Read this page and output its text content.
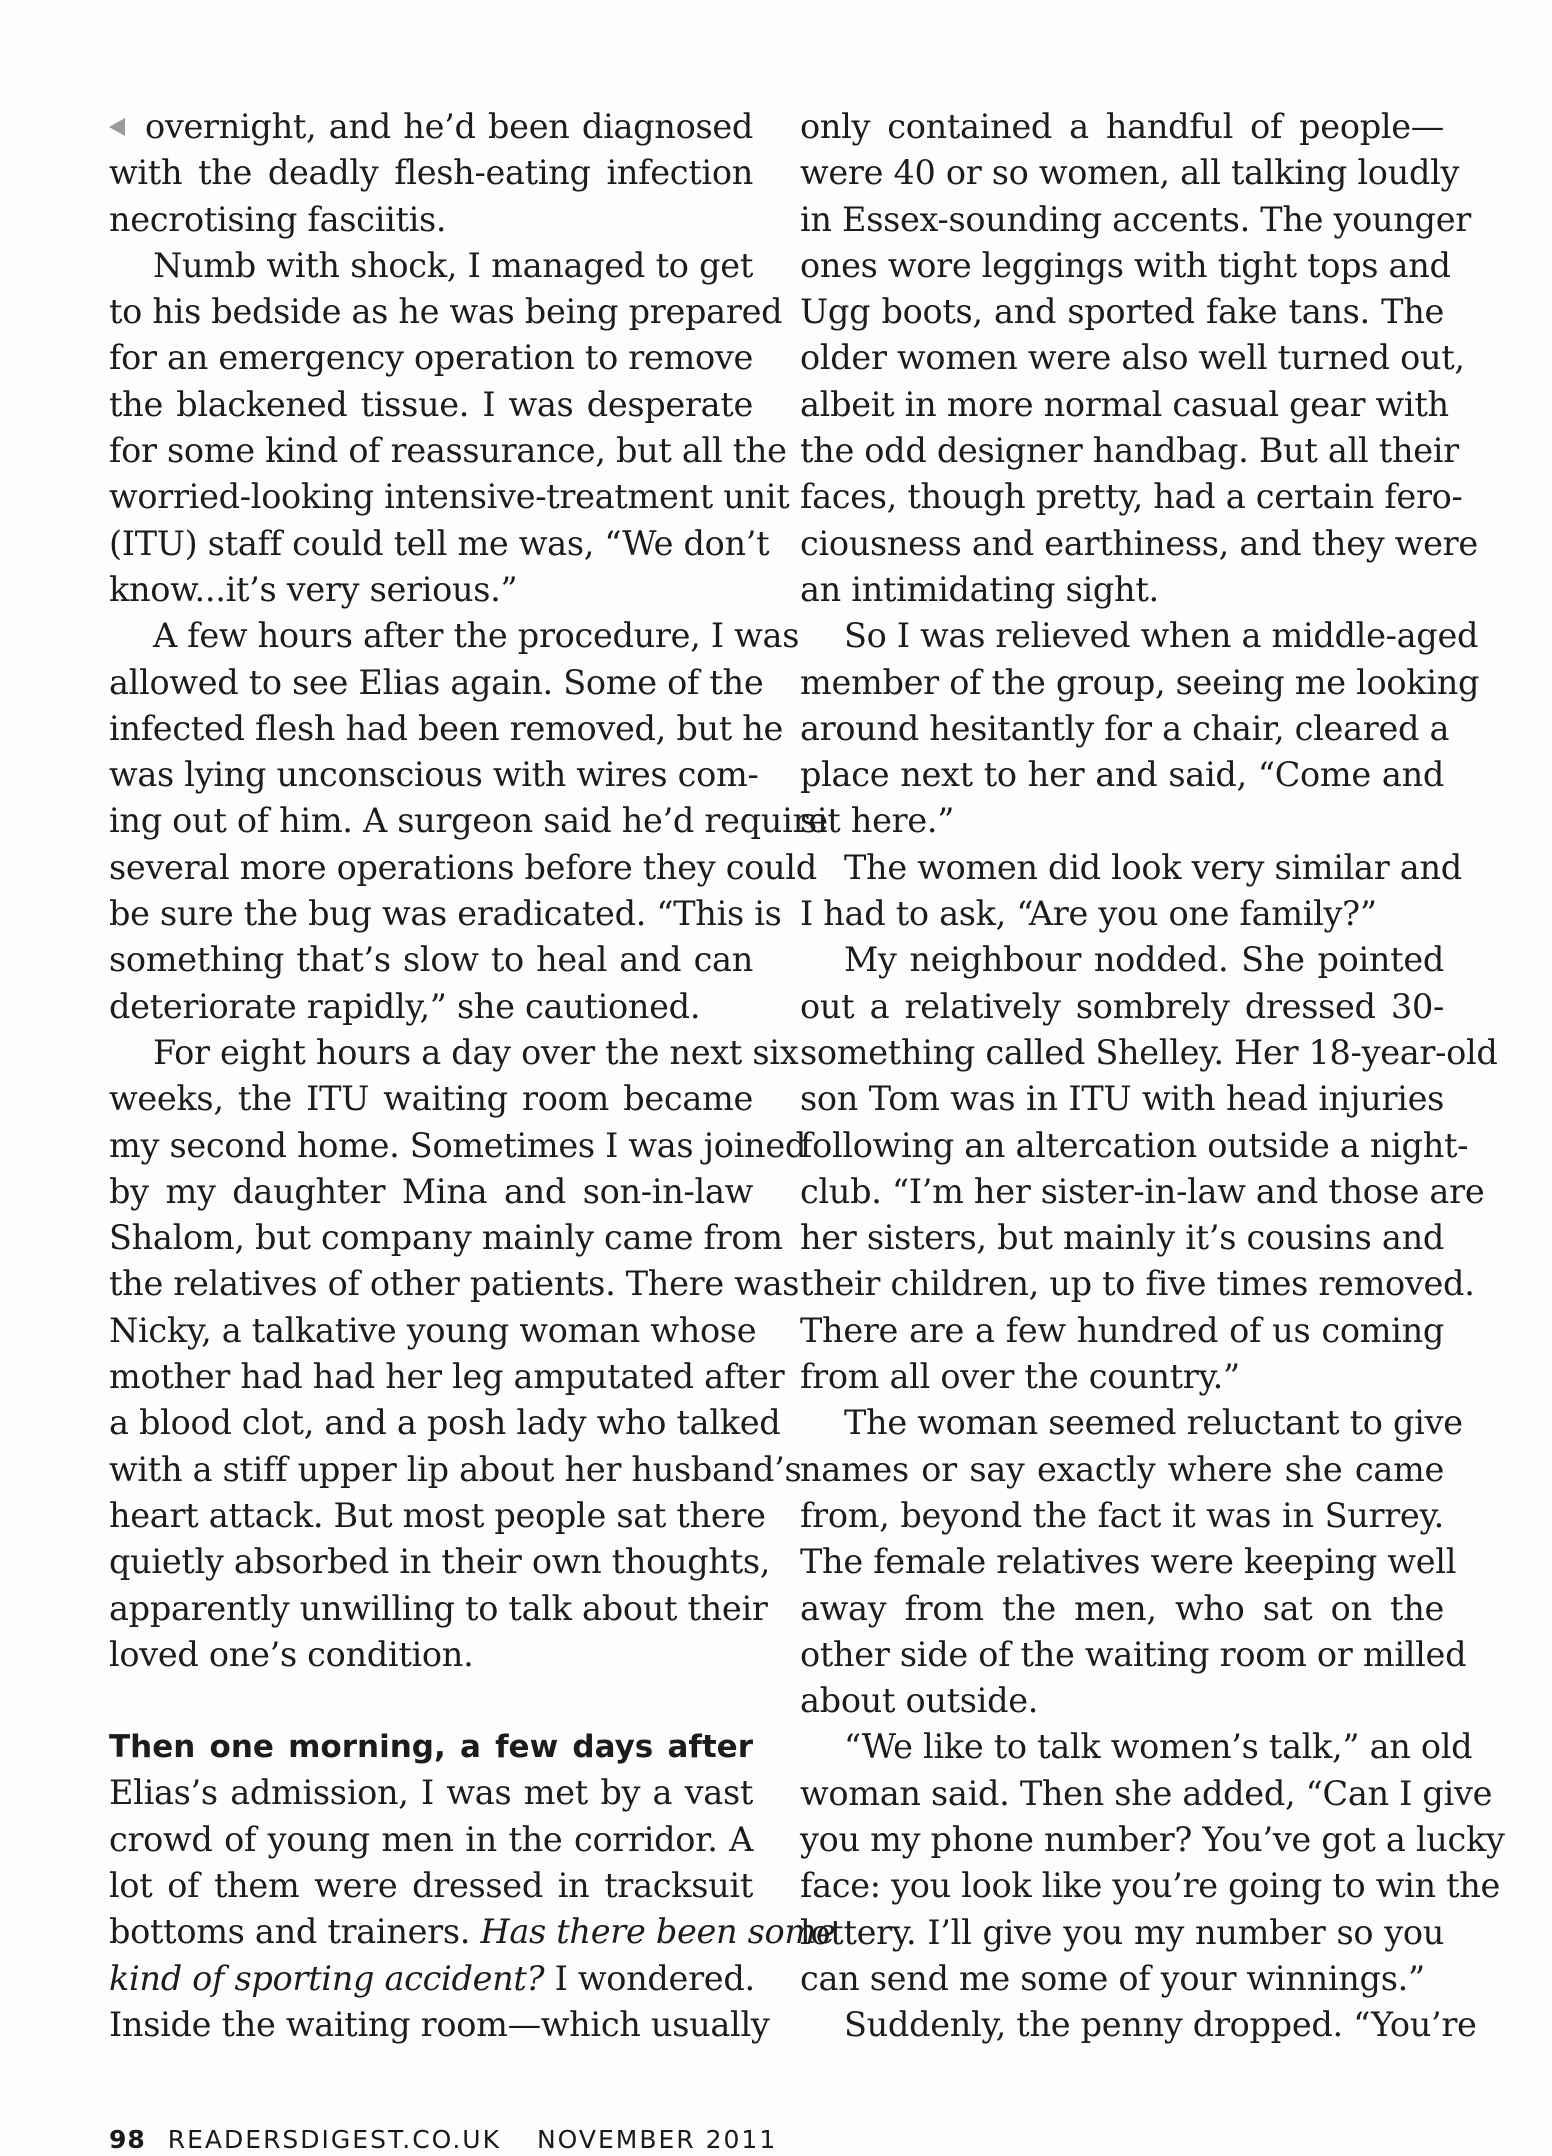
overnight, and he’d been diagnosed
with the deadly flesh-eating infection
necrotising fasciitis.
Numb with shock, I managed to get
to his bedside as he was being prepared
for an emergency operation to remove
the blackened tissue. I was desperate
for some kind of reassurance, but all the
worried-looking intensive-treatment unit
(ITU) staff could tell me was, “We don’t
know...it’s very serious.”
A few hours after the procedure, I was
allowed to see Elias again. Some of the
infected flesh had been removed, but he
was lying unconscious with wires com-
ing out of him. A surgeon said he’d require
several more operations before they could
be sure the bug was eradicated. “This is
something that’s slow to heal and can
deteriorate rapidly,” she cautioned.
For eight hours a day over the next six
weeks, the ITU waiting room became
my second home. Sometimes I was joined
by my daughter Mina and son-in-law
Shalom, but company mainly came from
the relatives of other patients. There was
Nicky, a talkative young woman whose
mother had had her leg amputated after
a blood clot, and a posh lady who talked
with a stiff upper lip about her husband’s
heart attack. But most people sat there
quietly absorbed in their own thoughts,
apparently unwilling to talk about their
loved one’s condition.
Then one morning, a few days after
Elias’s admission, I was met by a vast
crowd of young men in the corridor. A
lot of them were dressed in tracksuit
bottoms and trainers. Has there been some
kind of sporting accident? I wondered.
Inside the waiting room—which usually
only contained a handful of people—
were 40 or so women, all talking loudly
in Essex-sounding accents. The younger
ones wore leggings with tight tops and
Ugg boots, and sported fake tans. The
older women were also well turned out,
albeit in more normal casual gear with
the odd designer handbag. But all their
faces, though pretty, had a certain fero-
ciousness and earthiness, and they were
an intimidating sight.
So I was relieved when a middle-aged
member of the group, seeing me looking
around hesitantly for a chair, cleared a
place next to her and said, “Come and
sit here.”
The women did look very similar and
I had to ask, “Are you one family?”
My neighbour nodded. She pointed
out a relatively sombrely dressed 30-
something called Shelley. Her 18-year-old
son Tom was in ITU with head injuries
following an altercation outside a night-
club. “I’m her sister-in-law and those are
her sisters, but mainly it’s cousins and
their children, up to five times removed.
There are a few hundred of us coming
from all over the country.”
The woman seemed reluctant to give
names or say exactly where she came
from, beyond the fact it was in Surrey.
The female relatives were keeping well
away from the men, who sat on the
other side of the waiting room or milled
about outside.
“We like to talk women’s talk,” an old
woman said. Then she added, “Can I give
you my phone number? You’ve got a lucky
face: you look like you’re going to win the
lottery. I’ll give you my number so you
can send me some of your winnings.”
Suddenly, the penny dropped. “You’re
98 READERSDIGEST.CO.UK NOVEMBER 2011
